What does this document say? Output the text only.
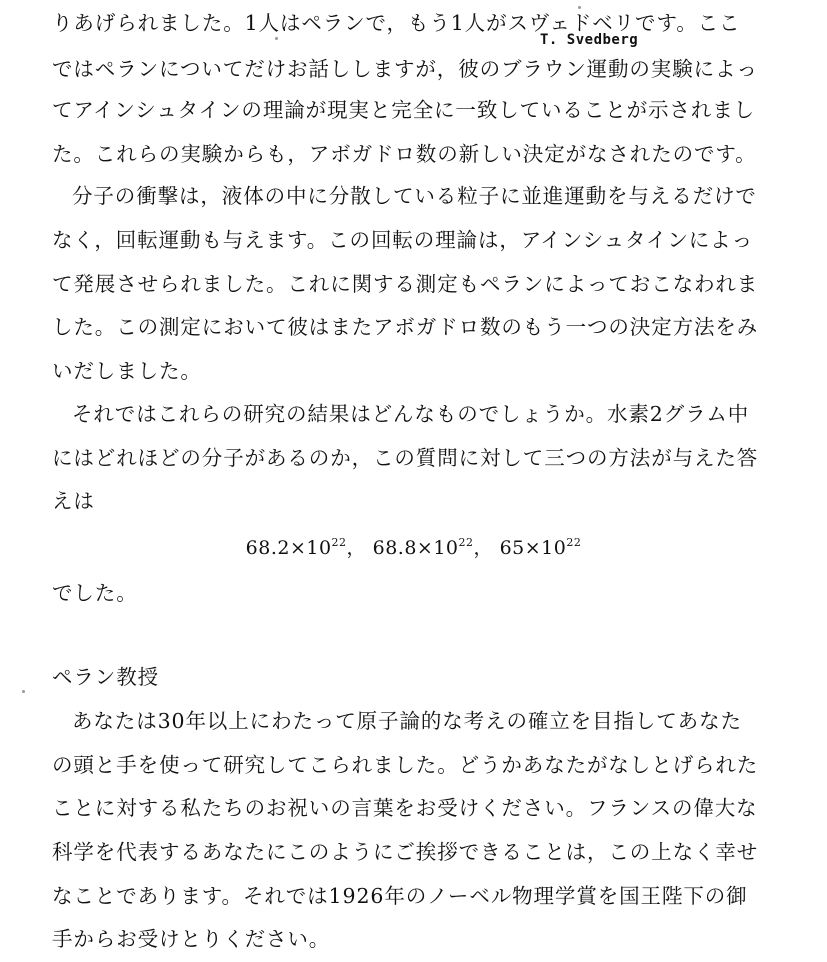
りあげられました。1人はペランで，もう1人がスヴェドベリです。ここ
T. Svedberg
ではペランについてだけお話ししますが，彼のブラウン運動の実験によっ
てアインシュタインの理論が現実と完全に一致していることが示されまし
た。これらの実験からも，アボガドロ数の新しい決定がなされたのです。
分子の衝撃は，液体の中に分散している粒子に並進運動を与えるだけで
なく，回転運動も与えます。この回転の理論は，アインシュタインによっ
て発展させられました。これに関する測定もペランによっておこなわれま
した。この測定において彼はまたアボガドロ数のもう一つの決定方法をみ
いだしました。
それではこれらの研究の結果はどんなものでしょうか。水素2グラム中
にはどれほどの分子があるのか，この質問に対して三つの方法が与えた答
えは
$68.2\times 10^{22}$， $68.8\times 10^{22}$， $65\times 10^{22}$
でした。
ペラン教授
あなたは30年以上にわたって原子論的な考えの確立を目指してあなた
の頭と手を使って研究してこられました。どうかあなたがなしとげられた
ことに対する私たちのお祝いの言葉をお受けください。フランスの偉大な
科学を代表するあなたにこのようにご挨拶できることは，この上なく幸せ
なことであります。それでは1926年のノーベル物理学賞を国王陛下の御
手からお受けとりください。
